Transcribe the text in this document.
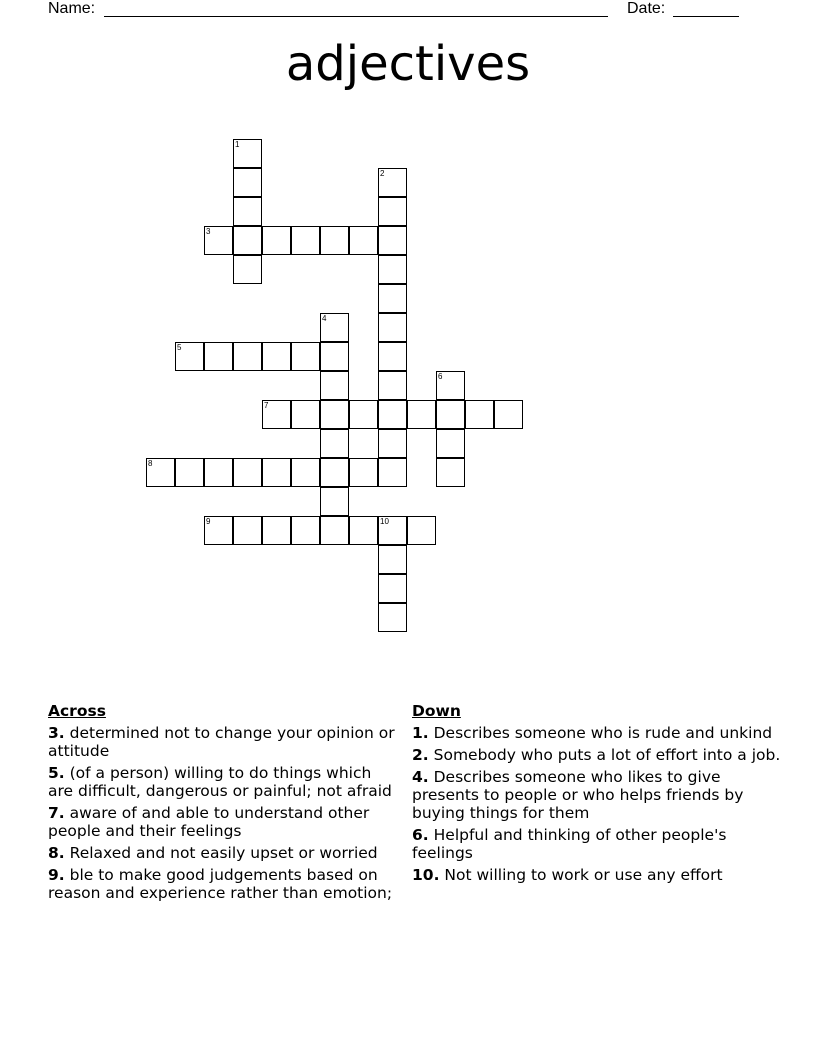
Name:	Date:
adjectives
1
3
2
4
5
6
7
8
9	10
Across
3. determined not to change your opinion or attitude
5. (of a person) willing to do things which are difficult, dangerous or painful; not afraid
7. aware of and able to understand other people and their feelings
8. Relaxed and not easily upset or worried
9. ble to make good judgements based on reason and experience rather than emotion;
Down
1. Describes someone who is rude and unkind
2. Somebody who puts a lot of effort into a job.
4. Describes someone who likes to give presents to people or who helps friends by buying things for them
6. Helpful and thinking of other people's feelings
10. Not willing to work or use any effort
